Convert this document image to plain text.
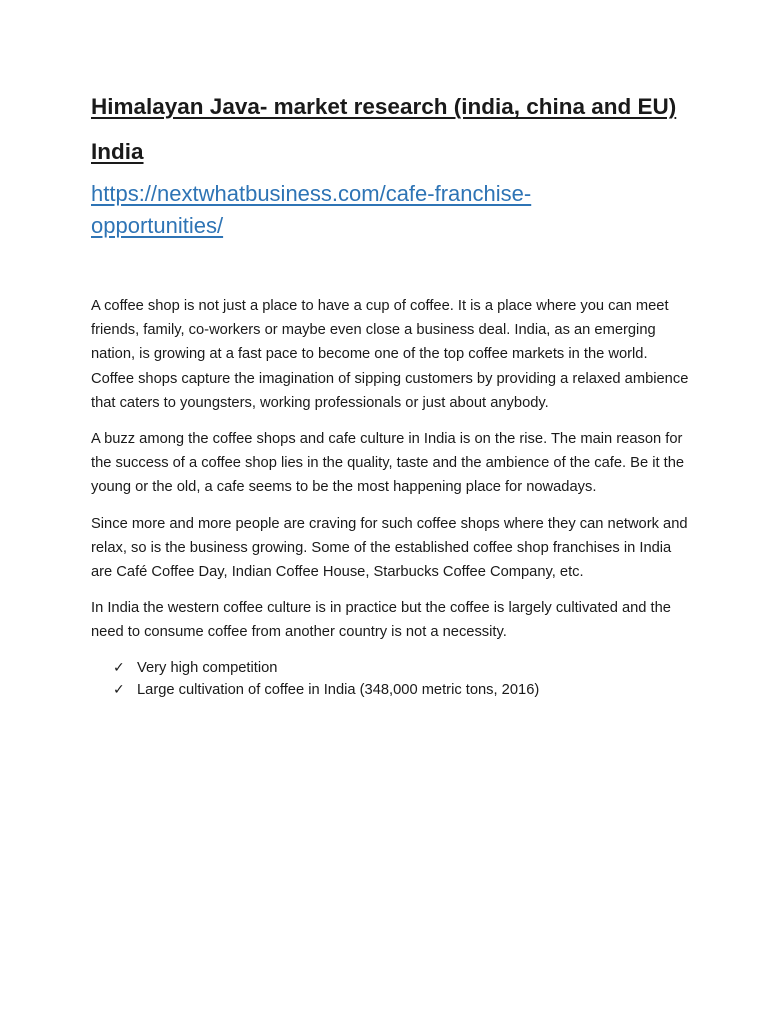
Himalayan Java- market research (india, china and EU)
India
https://nextwhatbusiness.com/cafe-franchise-opportunities/

A coffee shop is not just a place to have a cup of coffee. It is a place where you can meet friends, family, co-workers or maybe even close a business deal. India, as an emerging nation, is growing at a fast pace to become one of the top coffee markets in the world. Coffee shops capture the imagination of sipping customers by providing a relaxed ambience that caters to youngsters, working professionals or just about anybody.

A buzz among the coffee shops and cafe culture in India is on the rise. The main reason for the success of a coffee shop lies in the quality, taste and the ambience of the cafe. Be it the young or the old, a cafe seems to be the most happening place for nowadays.

Since more and more people are craving for such coffee shops where they can network and relax, so is the business growing. Some of the established coffee shop franchises in India are Café Coffee Day, Indian Coffee House, Starbucks Coffee Company, etc.

In India the western coffee culture is in practice but the coffee is largely cultivated and the need to consume coffee from another country is not a necessity.

✓ Very high competition
✓ Large cultivation of coffee in India (348,000 metric tons, 2016)
